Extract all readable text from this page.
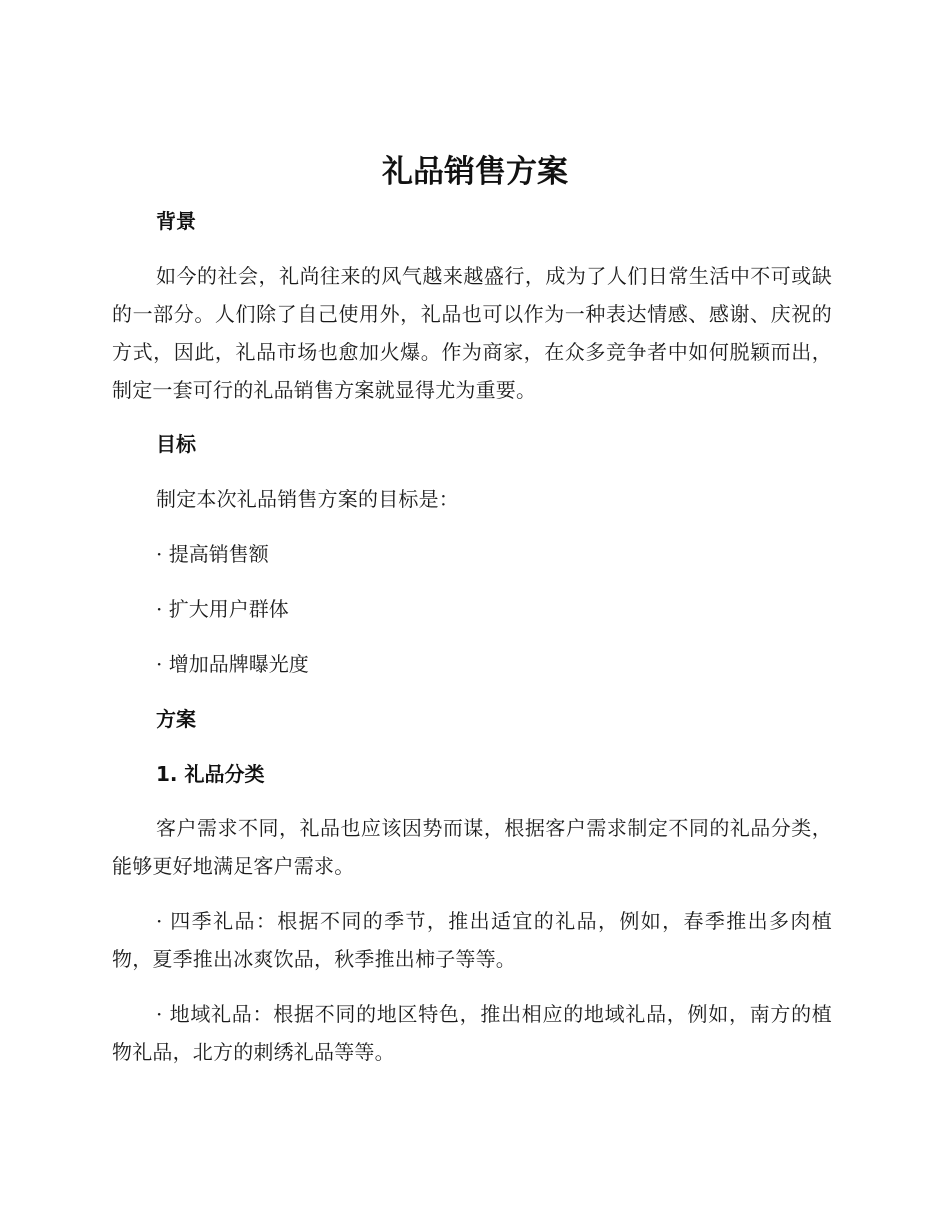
礼品销售方案
背景

如今的社会，礼尚往来的风气越来越盛行，成为了人们日常生活中不可或缺的一部分。人们除了自己使用外，礼品也可以作为一种表达情感、感谢、庆祝的方式，因此，礼品市场也愈加火爆。作为商家，在众多竞争者中如何脱颖而出，制定一套可行的礼品销售方案就显得尤为重要。

目标

制定本次礼品销售方案的目标是：

· 提高销售额
· 扩大用户群体
· 增加品牌曝光度
方案
1. 礼品分类

客户需求不同，礼品也应该因势而谋，根据客户需求制定不同的礼品分类，能够更好地满足客户需求。

· 四季礼品：根据不同的季节，推出适宜的礼品，例如，春季推出多肉植物，夏季推出冰爽饮品，秋季推出柿子等等。

· 地域礼品：根据不同的地区特色，推出相应的地域礼品，例如，南方的植物礼品，北方的刺绣礼品等等。
